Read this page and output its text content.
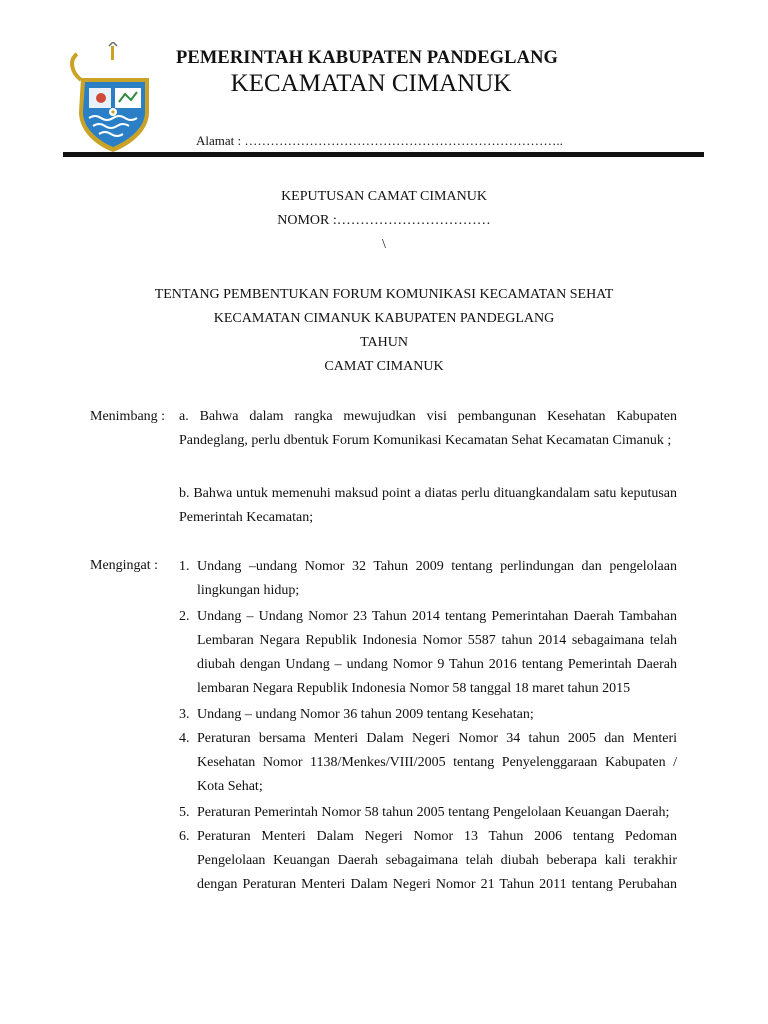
PEMERINTAH KABUPATEN PANDEGLANG
KECAMATAN CIMANUK
Alamat : ………………………………………………………………..
KEPUTUSAN CAMAT CIMANUK
NOMOR :……………………………
\
TENTANG PEMBENTUKAN FORUM KOMUNIKASI KECAMATAN SEHAT
KECAMATAN CIMANUK KABUPATEN PANDEGLANG
TAHUN
CAMAT CIMANUK
Menimbang : a. Bahwa dalam rangka mewujudkan visi pembangunan Kesehatan Kabupaten
Pandeglang, perlu dbentuk Forum Komunikasi Kecamatan Sehat Kecamatan Cimanuk ;
b. Bahwa untuk memenuhi maksud point a diatas perlu dituangkandalam satu keputusan
Pemerintah Kecamatan;
Mengingat : 1. Undang –undang Nomor 32 Tahun 2009 tentang perlindungan dan pengelolaan
lingkungan hidup;
2. Undang – Undang Nomor 23 Tahun 2014 tentang Pemerintahan Daerah Tambahan
Lembaran Negara Republik Indonesia Nomor 5587 tahun 2014 sebagaimana telah
diubah dengan Undang – undang Nomor 9 Tahun 2016 tentang Pemerintah Daerah
lembaran Negara Republik Indonesia Nomor 58 tanggal 18 maret tahun 2015
3. Undang – undang Nomor 36 tahun 2009 tentang Kesehatan;
4. Peraturan bersama Menteri Dalam Negeri Nomor 34 tahun 2005 dan Menteri
Kesehatan Nomor 1138/Menkes/VIII/2005 tentang Penyelenggaraan Kabupaten /
Kota Sehat;
5. Peraturan Pemerintah Nomor 58 tahun 2005 tentang Pengelolaan Keuangan Daerah;
6. Peraturan Menteri Dalam Negeri Nomor 13 Tahun 2006 tentang Pedoman
Pengelolaan Keuangan Daerah sebagaimana telah diubah beberapa kali terakhir
dengan Peraturan Menteri Dalam Negeri Nomor 21 Tahun 2011 tentang Perubahan
